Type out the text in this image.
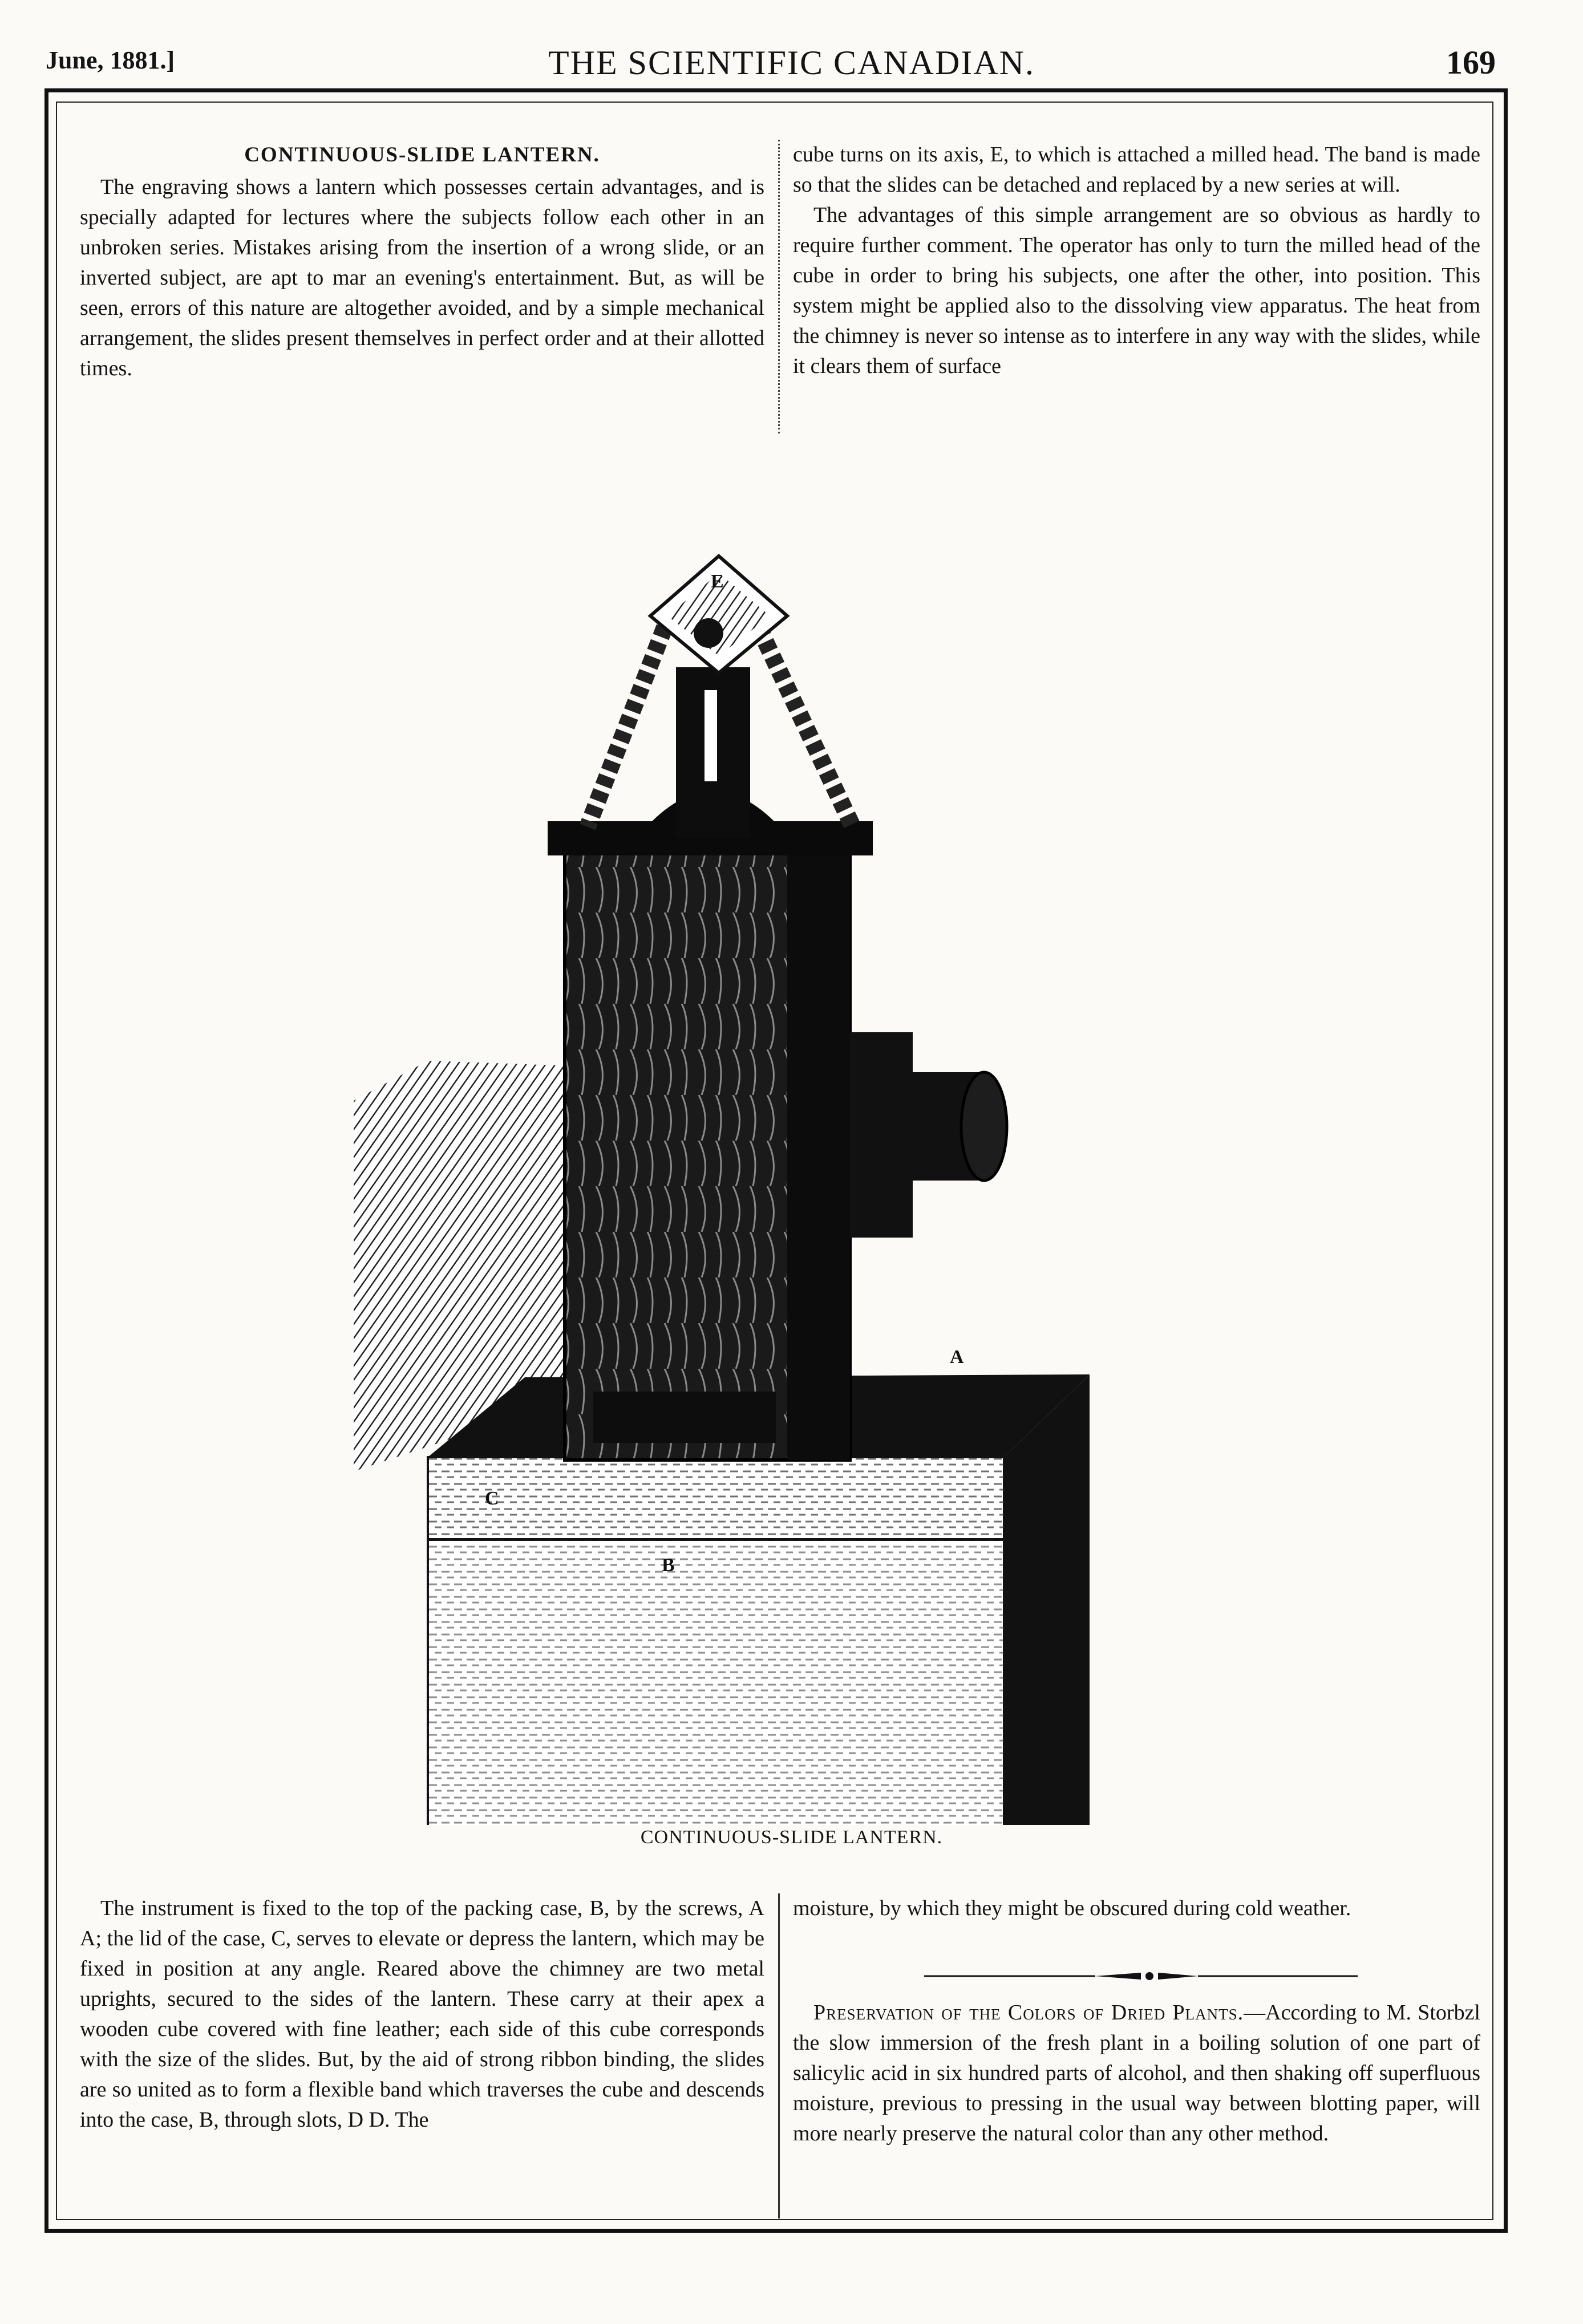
June, 1881.]	THE SCIENTIFIC CANADIAN.	169
CONTINUOUS-SLIDE LANTERN.

The engraving shows a lantern which possesses certain advantages, and is specially adapted for lectures where the subjects follow each other in an unbroken series. Mistakes arising from the insertion of a wrong slide, or an inverted subject, are apt to mar an evening's entertainment. But, as will be seen, errors of this nature are altogether avoided, and by a simple mechanical arrangement, the slides present themselves in perfect order and at their allotted times.

cube turns on its axis, E, to which is attached a milled head. The band is made so that the slides can be detached and replaced by a new series at will.

The advantages of this simple arrangement are so obvious as hardly to require further comment. The operator has only to turn the milled head of the cube in order to bring his subjects, one after the other, into position. This system might be applied also to the dissolving view apparatus. The heat from the chimney is never so intense as to interfere in any way with the slides, while it clears them of surface

E
A
D
C
B
CONTINUOUS-SLIDE LANTERN.

The instrument is fixed to the top of the packing case, B, by the screws, A A; the lid of the case, C, serves to elevate or depress the lantern, which may be fixed in position at any angle. Reared above the chimney are two metal uprights, secured to the sides of the lantern. These carry at their apex a wooden cube covered with fine leather; each side of this cube corresponds with the size of the slides. But, by the aid of strong ribbon binding, the slides are so united as to form a flexible band which traverses the cube and descends into the case, B, through slots, D D. The

moisture, by which they might be obscured during cold weather.

Preservation of the Colors of Dried Plants.—According to M. Storbzl the slow immersion of the fresh plant in a boiling solution of one part of salicylic acid in six hundred parts of alcohol, and then shaking off superfluous moisture, previous to pressing in the usual way between blotting paper, will more nearly preserve the natural color than any other method.
